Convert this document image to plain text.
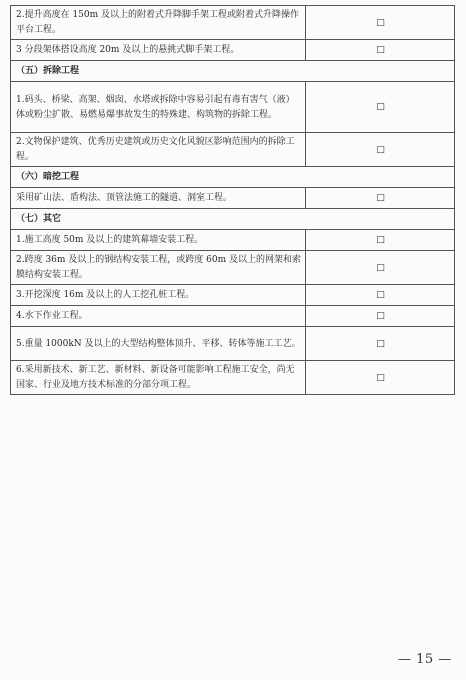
2.提升高度在 150m 及以上的附着式升降脚手架工程或附着式升降操作平台工程。	□
3 分段架体搭设高度 20m 及以上的悬挑式脚手架工程。	□
（五）拆除工程	
1.码头、桥梁、高架、烟囱、水塔或拆除中容易引起有毒有害气（液）体或粉尘扩散、易燃易爆事故发生的特殊建、构筑物的拆除工程。	□
2.文物保护建筑、优秀历史建筑或历史文化风貌区影响范围内的拆除工程。	□
（六）暗挖工程	
采用矿山法、盾构法、顶管法施工的隧道、洞室工程。	□
（七）其它	
1.施工高度 50m 及以上的建筑幕墙安装工程。	□
2.跨度 36m 及以上的钢结构安装工程，或跨度 60m 及以上的网架和索膜结构安装工程。	□
3.开挖深度 16m 及以上的人工挖孔桩工程。	□
4.水下作业工程。	□
5.重量 1000kN 及以上的大型结构整体顶升、平移、转体等施工工艺。	□
6.采用新技术、新工艺、新材料、新设备可能影响工程施工安全，尚无国家、行业及地方技术标准的分部分项工程。	□
— 15 —
